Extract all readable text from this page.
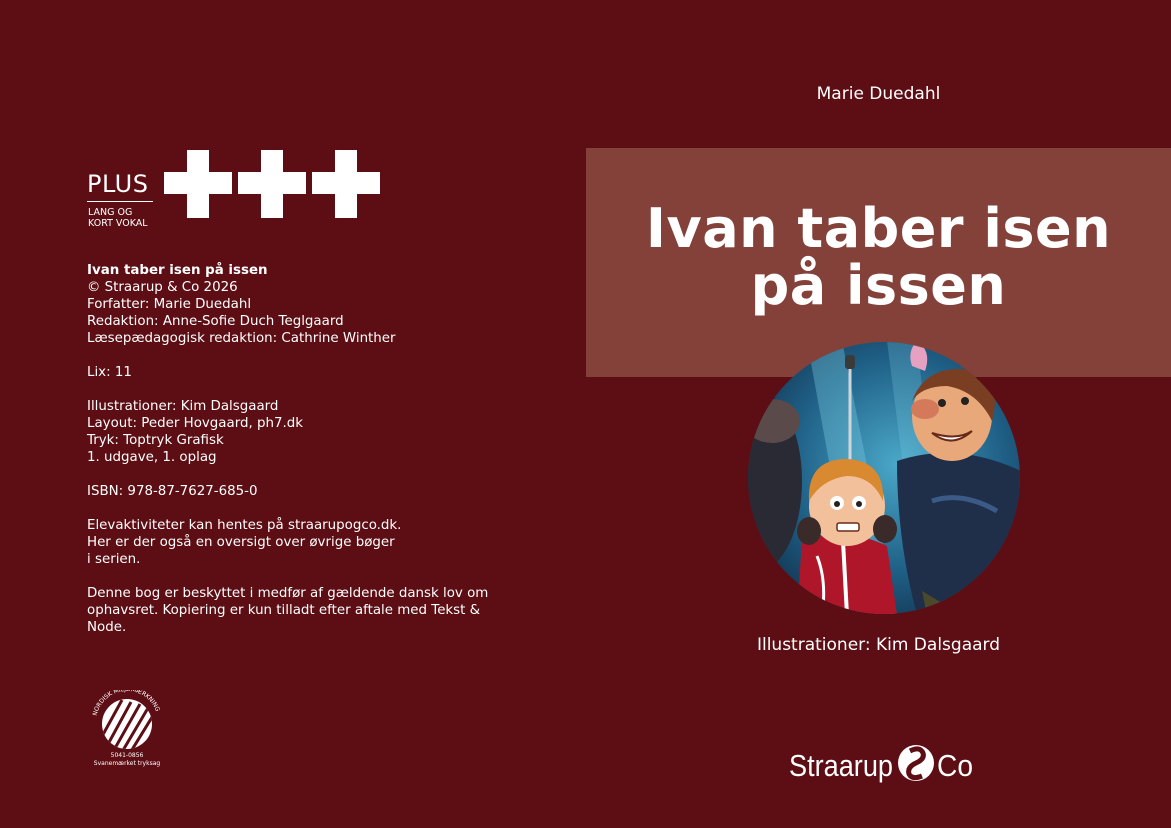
PLUS
LANG OG
KORT VOKAL

Ivan taber isen på issen
© Straarup & Co 2026
Forfatter: Marie Duedahl
Redaktion: Anne-Sofie Duch Teglgaard
Læsepædagogisk redaktion: Cathrine Winther

Lix: 11

Illustrationer: Kim Dalsgaard
Layout: Peder Hovgaard, ph7.dk
Tryk: Toptryk Grafisk
1. udgave, 1. oplag

ISBN: 978-87-7627-685-0

Elevaktiviteter kan hentes på straarupogco.dk.
Her er der også en oversigt over øvrige bøger
i serien.

Denne bog er beskyttet i medfør af gældende dansk lov om
ophavsret. Kopiering er kun tilladt efter aftale med Tekst &
Node.

NORDISK MI MÆRKNING
5041-0856
Svanemærket tryksag
Marie Duedahl
Ivan taber isen
på issen
Illustrationer: Kim Dalsgaard
Straarup Co
